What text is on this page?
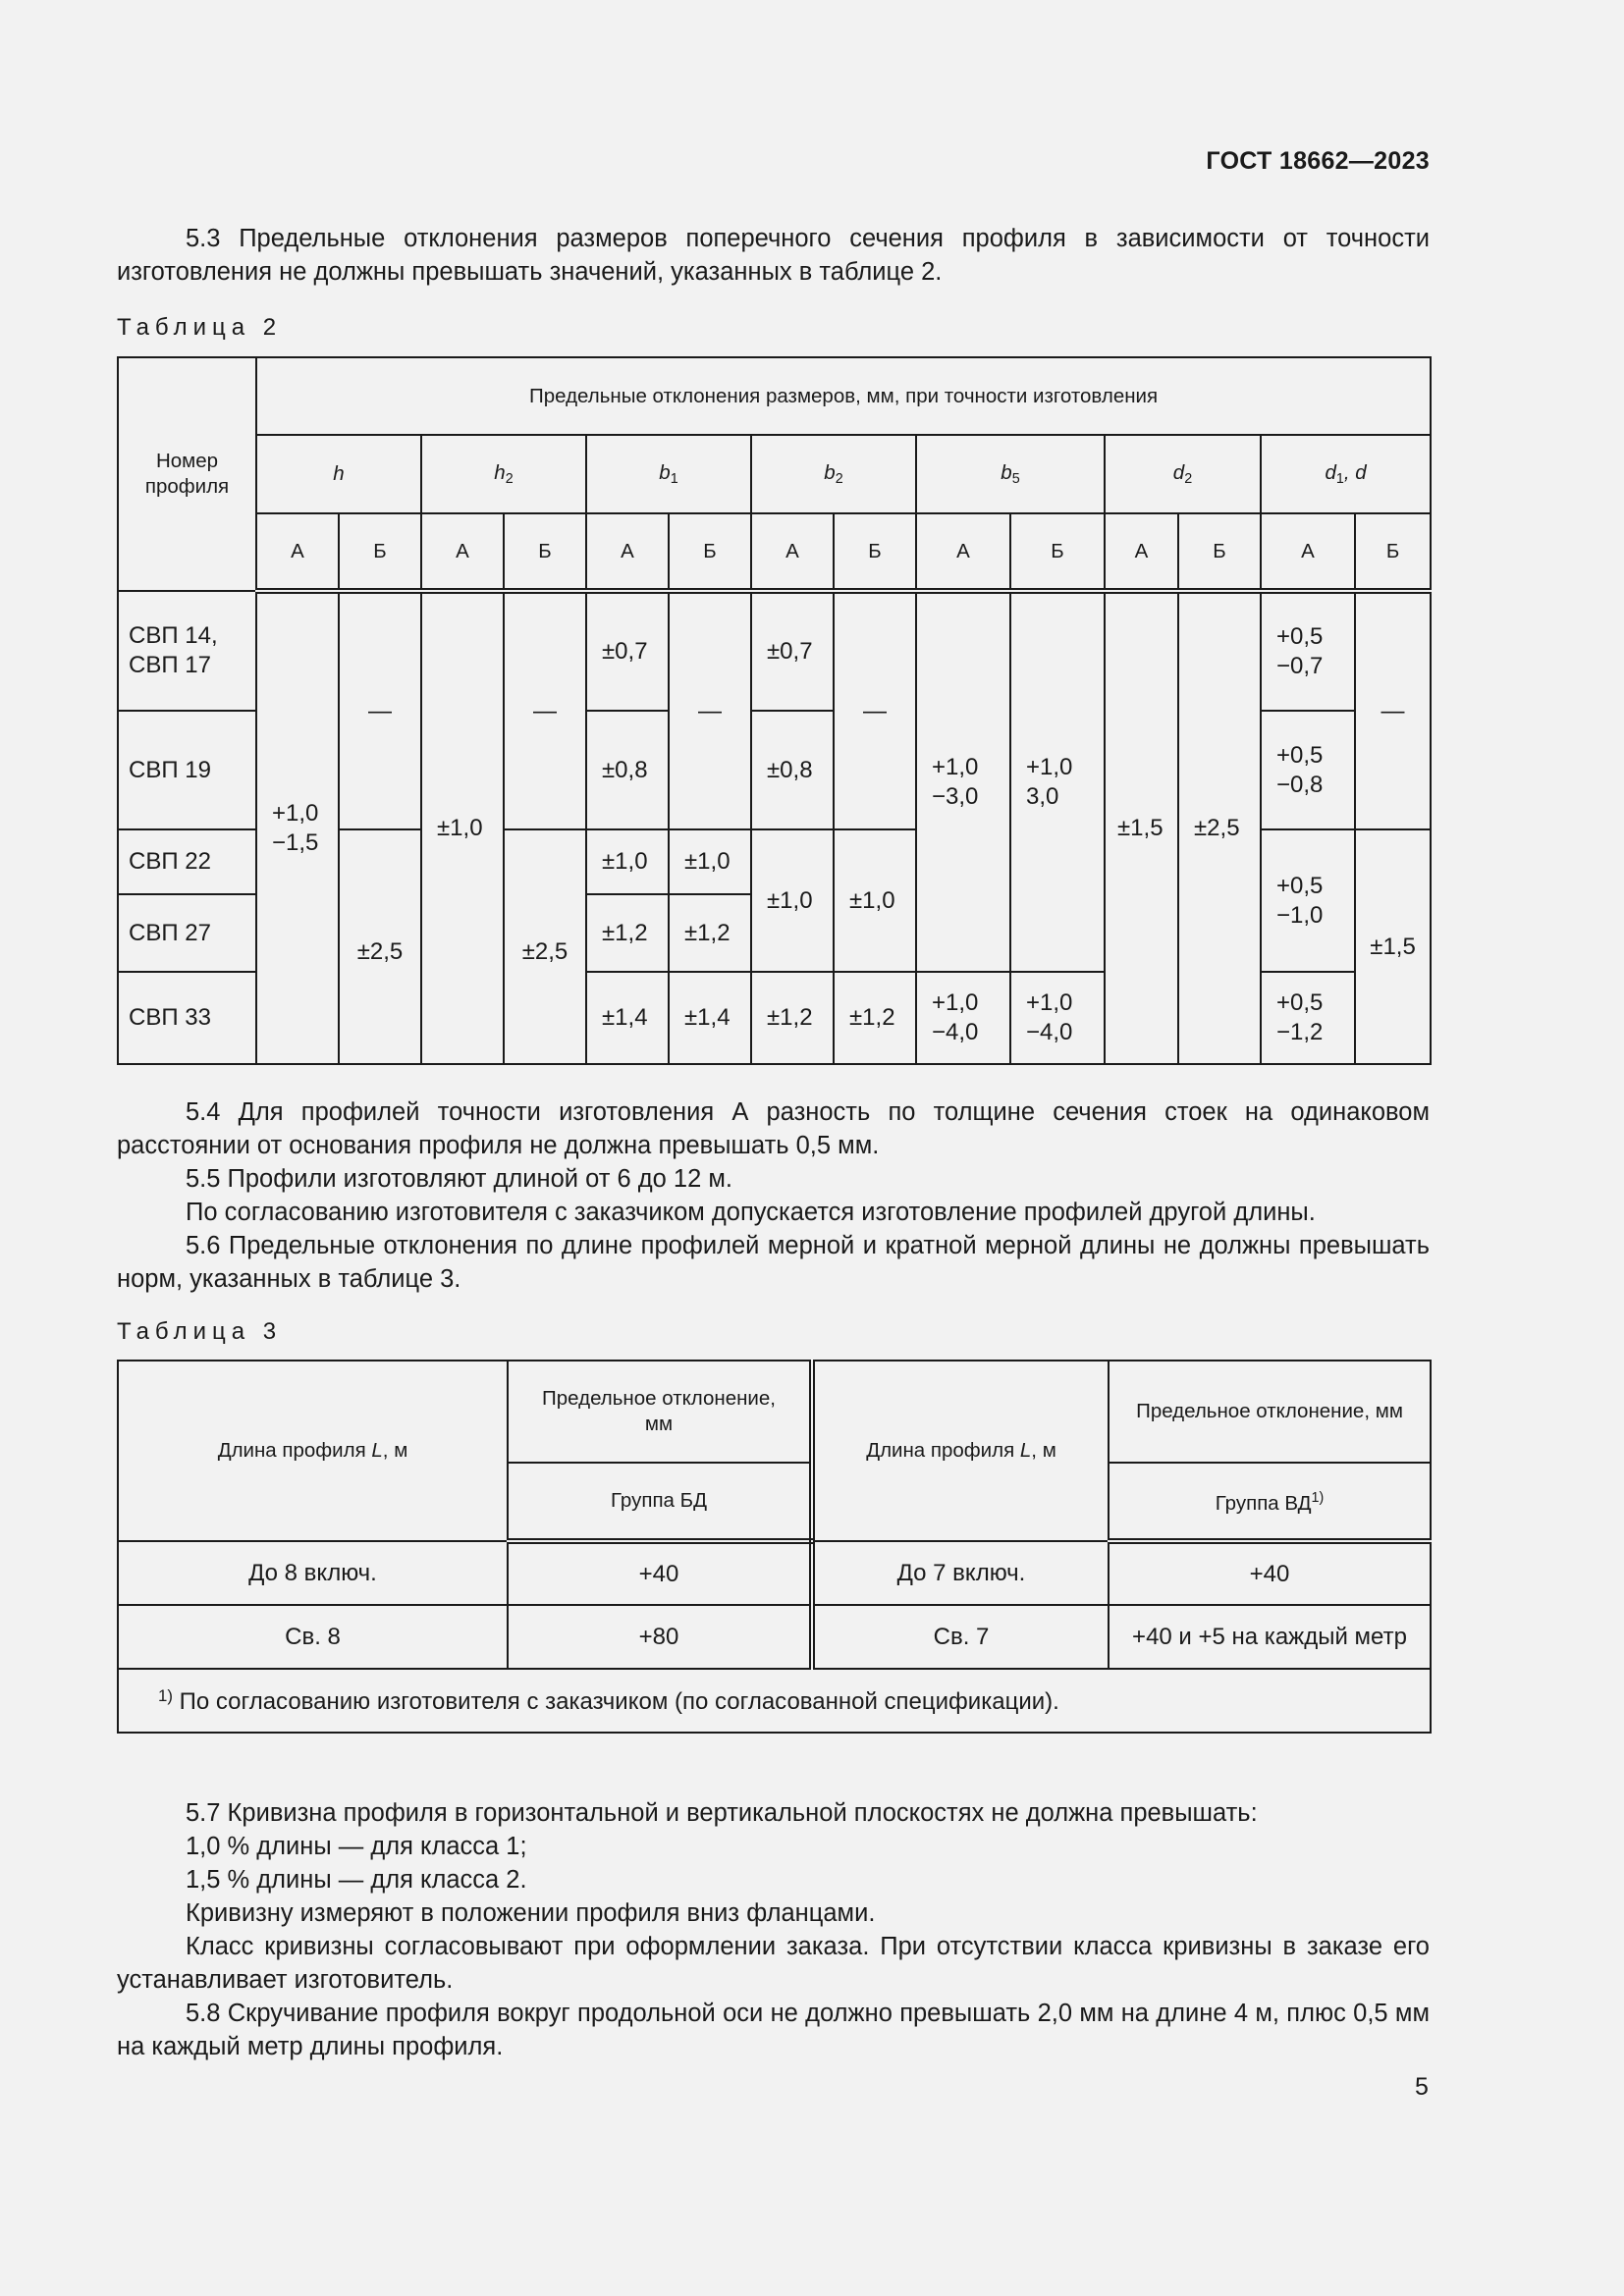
ГОСТ 18662—2023

5.3 Предельные отклонения размеров поперечного сечения профиля в зависимости от точности изготовления не должны превышать значений, указанных в таблице 2.

Таблица 2

Номер профиля	Предельные отклонения размеров, мм, при точности изготовления													
	h		$h_2$		$b_1$		$b_2$		$b_5$		$d_2$		$d_1$, d	
	А	Б	А	Б	А	Б	А	Б	А	Б	А	Б	А	Б
СВП 14, СВП 17	+1,0 −1,5	—	±1,0	—	±0,7	—	±0,7	—	+1,0 −3,0	+1,0 3,0	±1,5	±2,5	+0,5 −0,7	—
СВП 19					±0,8		±0,8						+0,5 −0,8	
СВП 22		±2,5		±2,5	±1,0	±1,0	±1,0	±1,0					+0,5 −1,0	±1,5
СВП 27					±1,2	±1,2								
СВП 33					±1,4	±1,4	±1,2	±1,2	+1,0 −4,0	+1,0 −4,0			+0,5 −1,2	

5.4 Для профилей точности изготовления А разность по толщине сечения стоек на одинаковом расстоянии от основания профиля не должна превышать 0,5 мм.

5.5 Профили изготовляют длиной от 6 до 12 м.

По согласованию изготовителя с заказчиком допускается изготовление профилей другой длины.

5.6 Предельные отклонения по длине профилей мерной и кратной мерной длины не должны превышать норм, указанных в таблице 3.

Таблица 3

Длина профиля L, м	Предельное отклонение, мм	Длина профиля L, м	Предельное отклонение, мм
	Группа БД		Группа ВД$^{1)}$
До 8 включ.	+40	До 7 включ.	+40
Св. 8	+80	Св. 7	+40 и +5 на каждый метр
$^{1)}$ По согласованию изготовителя с заказчиком (по согласованной спецификации).			

5.7 Кривизна профиля в горизонтальной и вертикальной плоскостях не должна превышать:

1,0 % длины — для класса 1;

1,5 % длины — для класса 2.

Кривизну измеряют в положении профиля вниз фланцами.

Класс кривизны согласовывают при оформлении заказа. При отсутствии класса кривизны в заказе его устанавливает изготовитель.

5.8 Скручивание профиля вокруг продольной оси не должно превышать 2,0 мм на длине 4 м, плюс 0,5 мм на каждый метр длины профиля.

5
